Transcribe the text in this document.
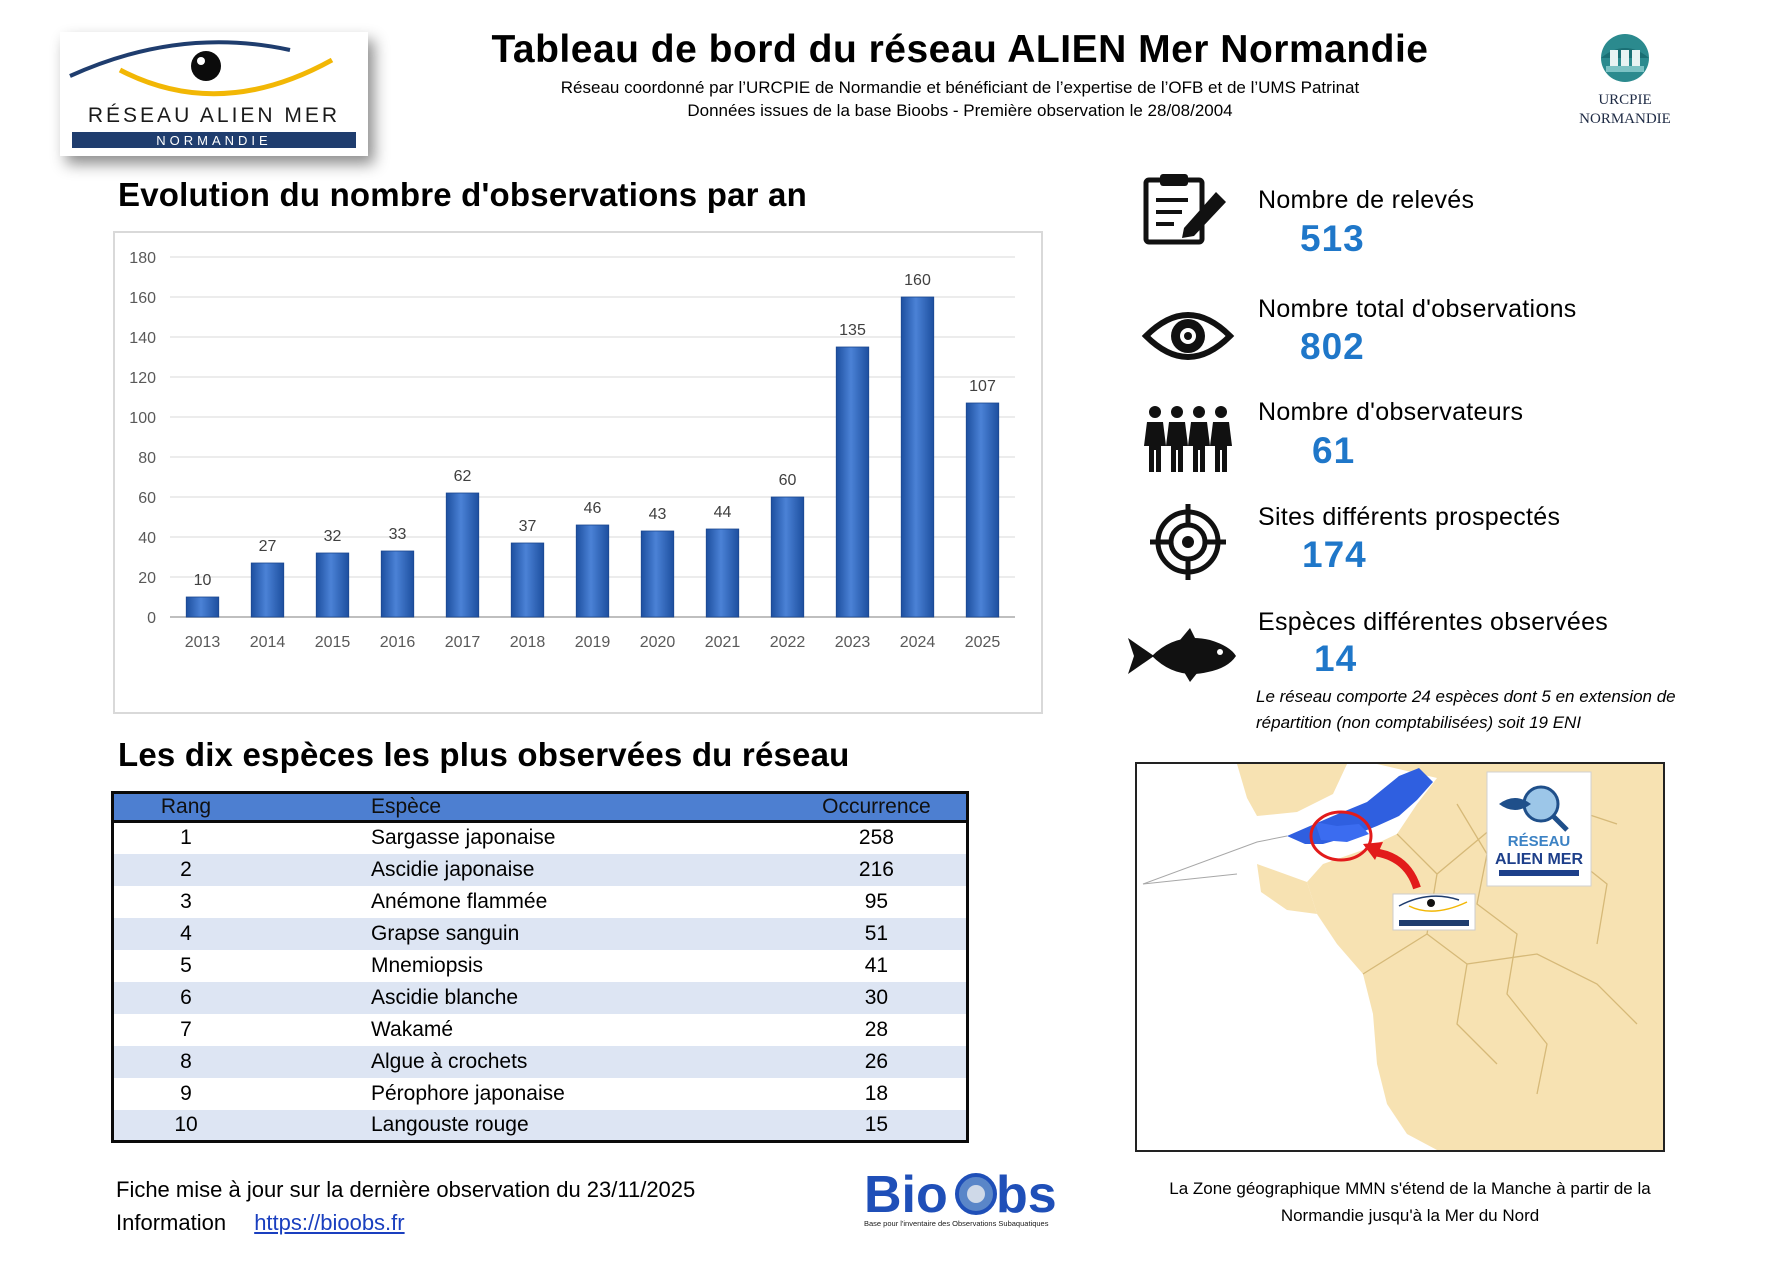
RÉSEAU ALIEN MER
NORMANDIE
Tableau de bord du réseau ALIEN Mer Normandie
Réseau coordonné par l’URCPIE de Normandie et bénéficiant de l’expertise de l’OFB et de l’UMS Patrinat
Données issues de la base Bioobs - Première observation le 28/08/2004
URCPIE
NORMANDIE
Evolution du nombre d'observations par an
0
20
40
60
80
100
120
140
160
180
10
2013
27
2014
32
2015
33
2016
62
2017
37
2018
46
2019
43
2020
44
2021
60
2022
135
2023
160
2024
107
2025
Les dix espèces les plus observées du réseau
Rang	Espèce	Occurrence
1	Sargasse japonaise	258
2	Ascidie japonaise	216
3	Anémone flammée	95
4	Grapse sanguin	51
5	Mnemiopsis	41
6	Ascidie blanche	30
7	Wakamé	28
8	Algue à crochets	26
9	Pérophore japonaise	18
10	Langouste rouge	15
Nombre de relevés
513
Nombre total d'observations
802
Nombre d'observateurs
61
Sites différents prospectés
174
Espèces différentes observées
14
Le réseau comporte 24 espèces dont 5 en extension de répartition (non comptabilisées) soit 19 ENI
RÉSEAU
ALIEN MER
La Zone géographique MMN s'étend de la Manche à partir de la Normandie jusqu'à la Mer du Nord
Fiche mise à jour sur la dernière observation du 23/11/2025
Information https://bioobs.fr	Bio bs
Base pour l'inventaire des Observations Subaquatiques
